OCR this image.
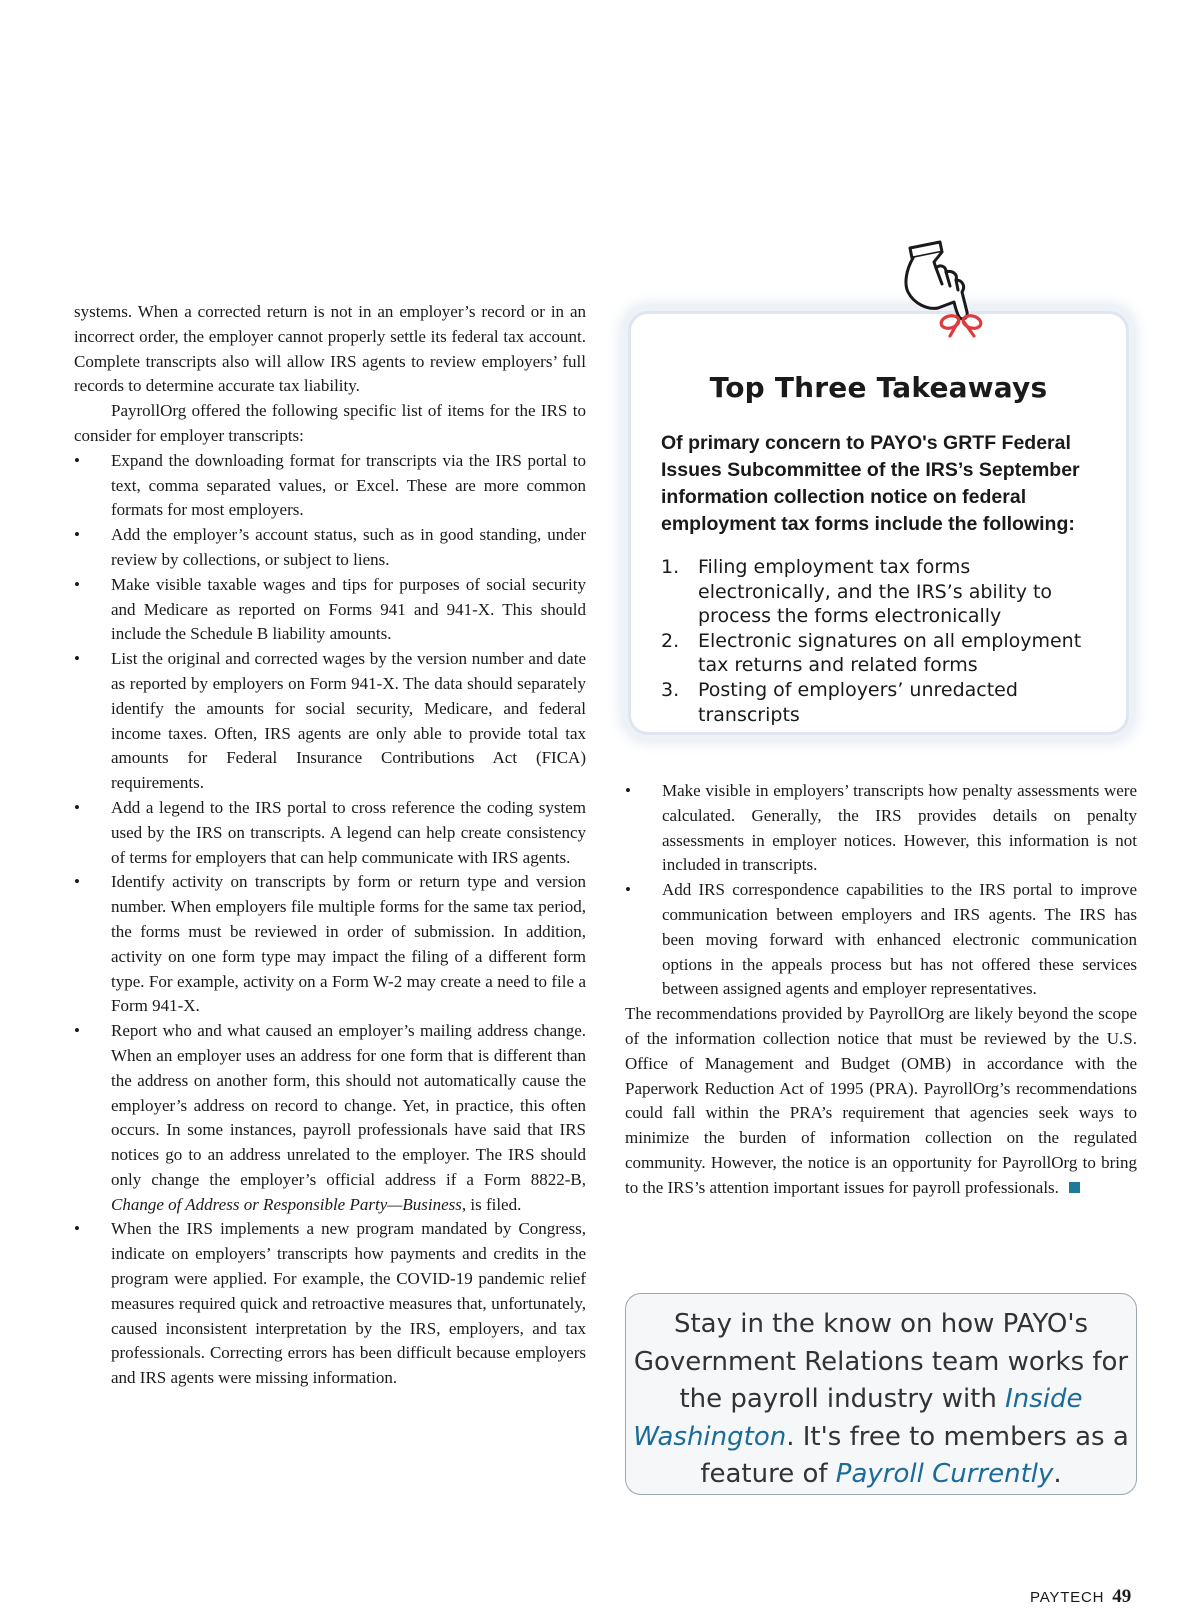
systems. When a corrected return is not in an employer’s record or in an incorrect order, the employer cannot properly settle its federal tax account. Complete transcripts also will allow IRS agents to review employers’ full records to determine accurate tax liability.

PayrollOrg offered the following specific list of items for the IRS to consider for employer transcripts:

•	Expand the downloading format for transcripts via the IRS portal to text, comma separated values, or Excel. These are more common formats for most employers.
•	Add the employer’s account status, such as in good standing, under review by collections, or subject to liens.
•	Make visible taxable wages and tips for purposes of social security and Medicare as reported on Forms 941 and 941-X. This should include the Schedule B liability amounts.
•	List the original and corrected wages by the version number and date as reported by employers on Form 941-X. The data should separately identify the amounts for social security, Medicare, and federal income taxes. Often, IRS agents are only able to provide total tax amounts for Federal Insurance Contributions Act (FICA) requirements.
•	Add a legend to the IRS portal to cross reference the coding system used by the IRS on transcripts. A legend can help create consistency of terms for employers that can help communicate with IRS agents.
•	Identify activity on transcripts by form or return type and version number. When employers file multiple forms for the same tax period, the forms must be reviewed in order of submission. In addition, activity on one form type may impact the filing of a different form type. For example, activity on a Form W-2 may create a need to file a Form 941-X.
•	Report who and what caused an employer’s mailing address change. When an employer uses an address for one form that is different than the address on another form, this should not automatically cause the employer’s address on record to change. Yet, in practice, this often occurs. In some instances, payroll professionals have said that IRS notices go to an address unrelated to the employer. The IRS should only change the employer’s official address if a Form 8822-B, Change of Address or Responsible Party—Business, is filed.
•	When the IRS implements a new program mandated by Congress, indicate on employers’ transcripts how payments and credits in the program were applied. For example, the COVID-19 pandemic relief measures required quick and retroactive measures that, unfortunately, caused inconsistent interpretation by the IRS, employers, and tax professionals. Correcting errors has been difficult because employers and IRS agents were missing information.
Top Three Takeaways
Of primary concern to PAYO's GRTF Federal Issues Subcommittee of the IRS’s September information collection notice on federal employment tax forms include the following:
1. Filing employment tax forms electronically, and the IRS’s ability to process the forms electronically
2. Electronic signatures on all employment tax returns and related forms
3. Posting of employers’ unredacted transcripts
•	Make visible in employers’ transcripts how penalty assessments were calculated. Generally, the IRS provides details on penalty assessments in employer notices. However, this information is not included in transcripts.
•	Add IRS correspondence capabilities to the IRS portal to improve communication between employers and IRS agents. The IRS has been moving forward with enhanced electronic communication options in the appeals process but has not offered these services between assigned agents and employer representatives.

The recommendations provided by PayrollOrg are likely beyond the scope of the information collection notice that must be reviewed by the U.S. Office of Management and Budget (OMB) in accordance with the Paperwork Reduction Act of 1995 (PRA). PayrollOrg’s recommendations could fall within the PRA’s requirement that agencies seek ways to minimize the burden of information collection on the regulated community. However, the notice is an opportunity for PayrollOrg to bring to the IRS’s attention important issues for payroll professionals.

Stay in the know on how PAYO's Government Relations team works for the payroll industry with Inside Washington. It's free to members as a feature of Payroll Currently.
PAYTECH 49
